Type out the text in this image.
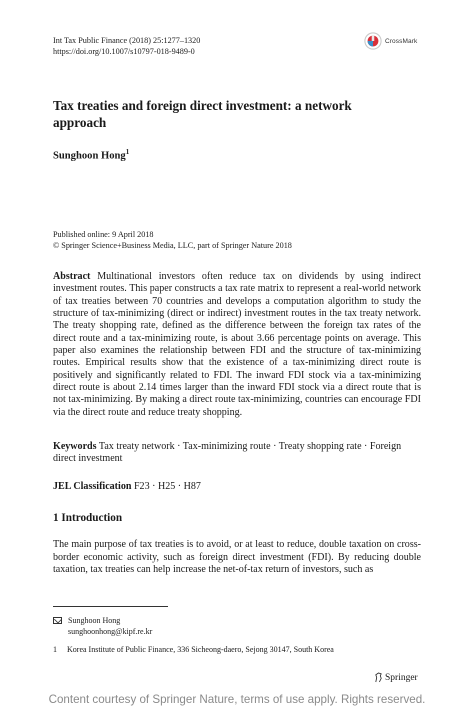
Int Tax Public Finance (2018) 25:1277–1320
https://doi.org/10.1007/s10797-018-9489-0
CrossMark
Tax treaties and foreign direct investment: a network approach
Sunghoon Hong$^1$
Published online: 9 April 2018
© Springer Science+Business Media, LLC, part of Springer Nature 2018
Abstract Multinational investors often reduce tax on dividends by using indirect investment routes. This paper constructs a tax rate matrix to represent a real-world network of tax treaties between 70 countries and develops a computation algorithm to study the structure of tax-minimizing (direct or indirect) investment routes in the tax treaty network. The treaty shopping rate, defined as the difference between the foreign tax rates of the direct route and a tax-minimizing route, is about 3.66 percentage points on average. This paper also examines the relationship between FDI and the structure of tax-minimizing routes. Empirical results show that the existence of a tax-minimizing direct route is positively and significantly related to FDI. The inward FDI stock via a tax-minimizing direct route is about 2.14 times larger than the inward FDI stock via a direct route that is not tax-minimizing. By making a direct route tax-minimizing, countries can encourage FDI via the direct route and reduce treaty shopping.
Keywords Tax treaty network · Tax-minimizing route · Treaty shopping rate · Foreign direct investment
JEL Classification F23 · H25 · H87
1 Introduction
The main purpose of tax treaties is to avoid, or at least to reduce, double taxation on cross-border economic activity, such as foreign direct investment (FDI). By reducing double taxation, tax treaties can help increase the net-of-tax return of investors, such as
Sunghoon Hong
sunghoonhong@kipf.re.kr
1 Korea Institute of Public Finance, 336 Sicheong-daero, Sejong 30147, South Korea
Springer
Content courtesy of Springer Nature, terms of use apply. Rights reserved.
